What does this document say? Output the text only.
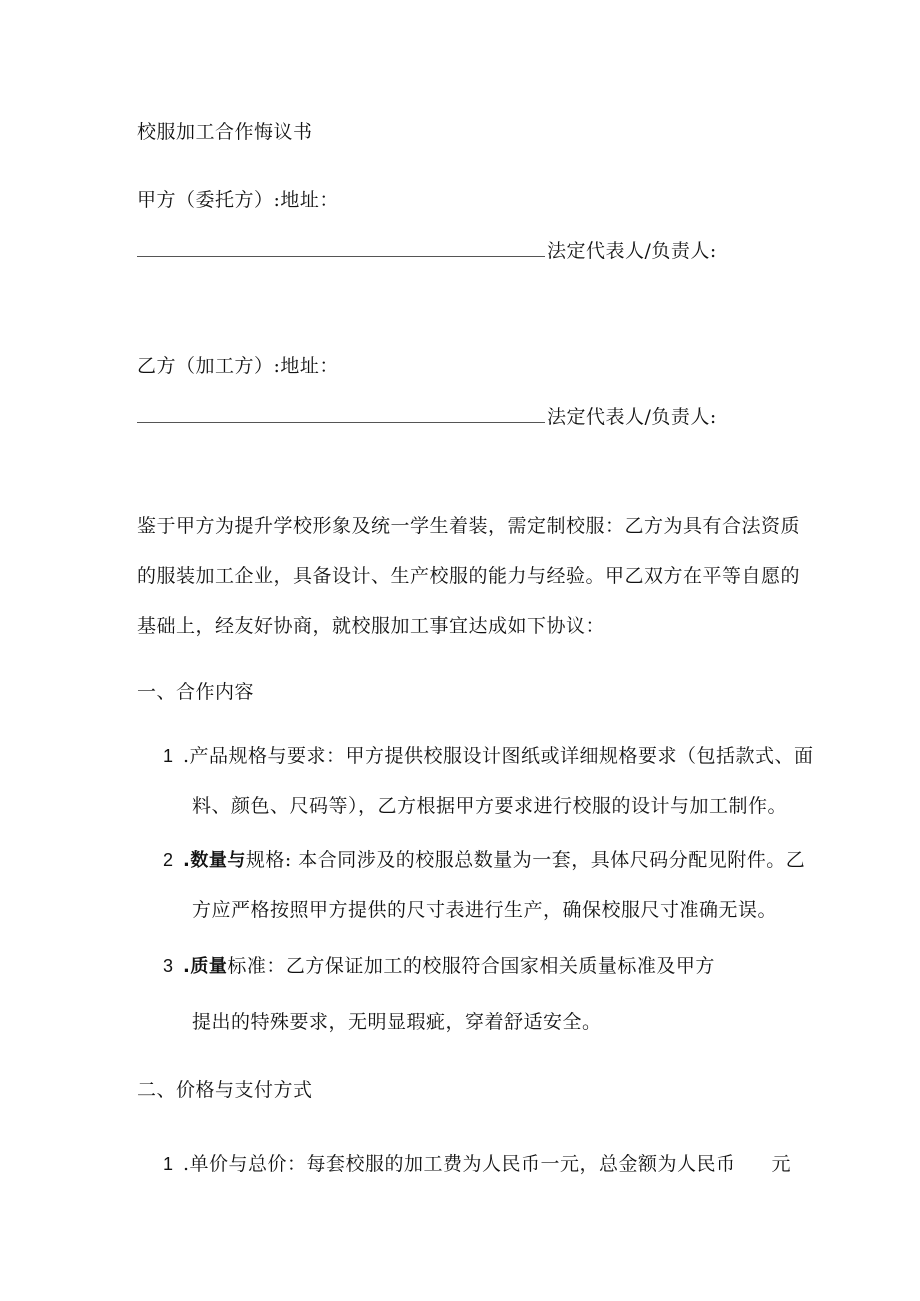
校服加工合作悔议书
甲方（委托方）:地址：
法定代表人/负责人:
乙方（加工方）:地址：
法定代表人/负责人:
鉴于甲方为提升学校形象及统一学生着装，需定制校服：乙方为具有合法资质
的服装加工企业，具备设计、生产校服的能力与经验。甲乙双方在平等自愿的
基础上，经友好协商，就校服加工事宜达成如下协议：
一、合作内容
1 .产品规格与要求：甲方提供校服设计图纸或详细规格要求（包括款式、面
料、颜色、尺码等），乙方根据甲方要求进行校服的设计与加工制作。
2 .数量与规格: 本合同涉及的校服总数量为一套，具体尺码分配见附件。乙
方应严格按照甲方提供的尺寸表进行生产，确保校服尺寸准确无误。
3 .质量标准：乙方保证加工的校服符合国家相关质量标准及甲方
提出的特殊要求，无明显瑕疵，穿着舒适安全。
二、价格与支付方式
1 .单价与总价：每套校服的加工费为人民币一元，总金额为人民币 元
